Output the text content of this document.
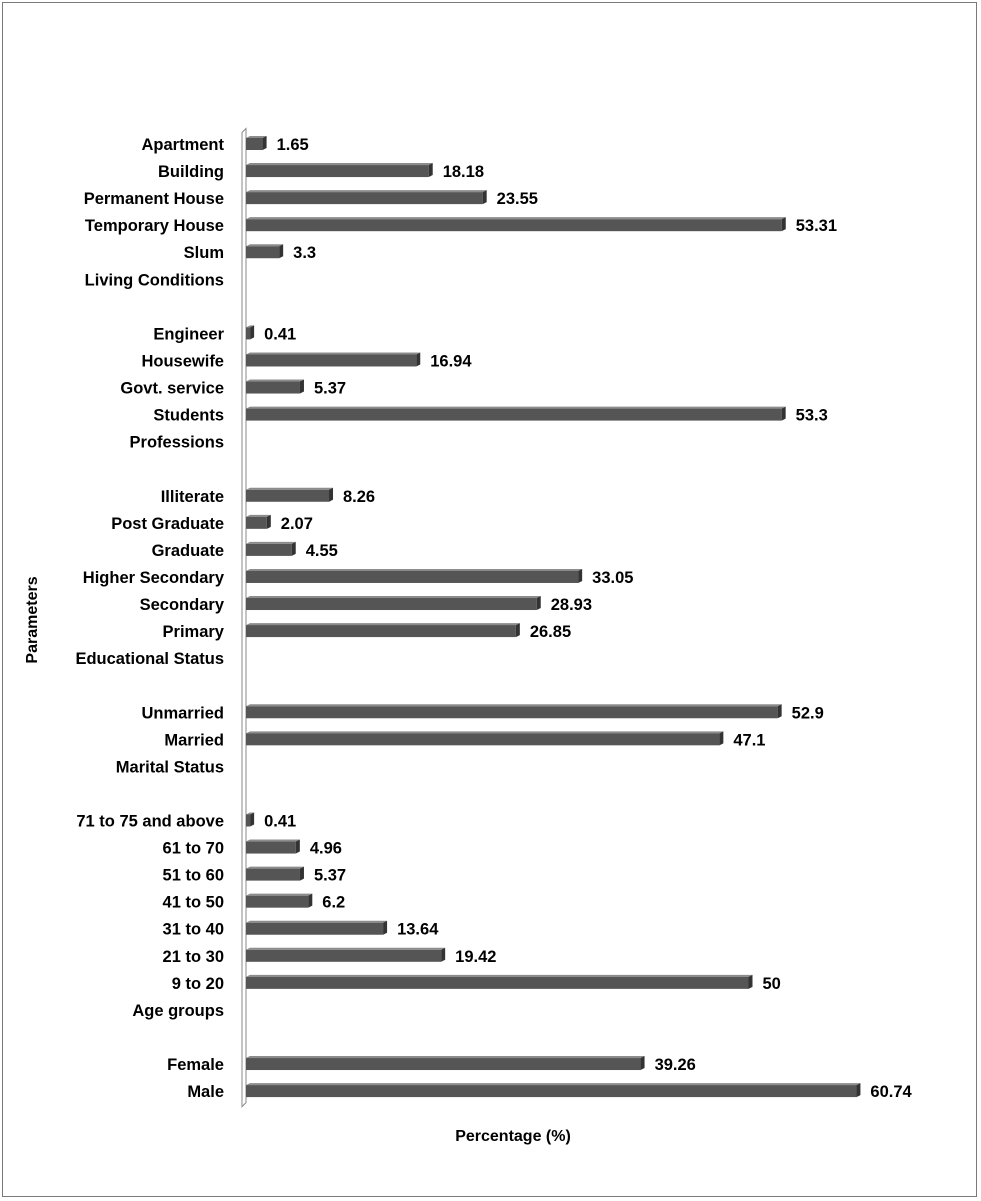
Apartment	1.65
Building	18.18
Permanent House	23.55
Temporary House	53.31
Slum	3.3
Living Conditions
Engineer 0.41
Housewife	16.94
Govt. service	5.37
Students	53.3
Professions
Illiterate	8.26
Post Graduate	2.07
Graduate	4.55
Higher Secondary	33.05
Secondary	28.93
Primary	26.85
Educational Status
Unmarried	52.9
Married	47.1
Marital Status
71 to 75 and above 0.41
61 to 70	4.96
51 to 60	5.37
41 to 50	6.2
31 to 40	13.64
21 to 30	19.42
9 to 20	50
Age groups
Female	39.26
Male	60.74
Percentage (%)
Parameters
